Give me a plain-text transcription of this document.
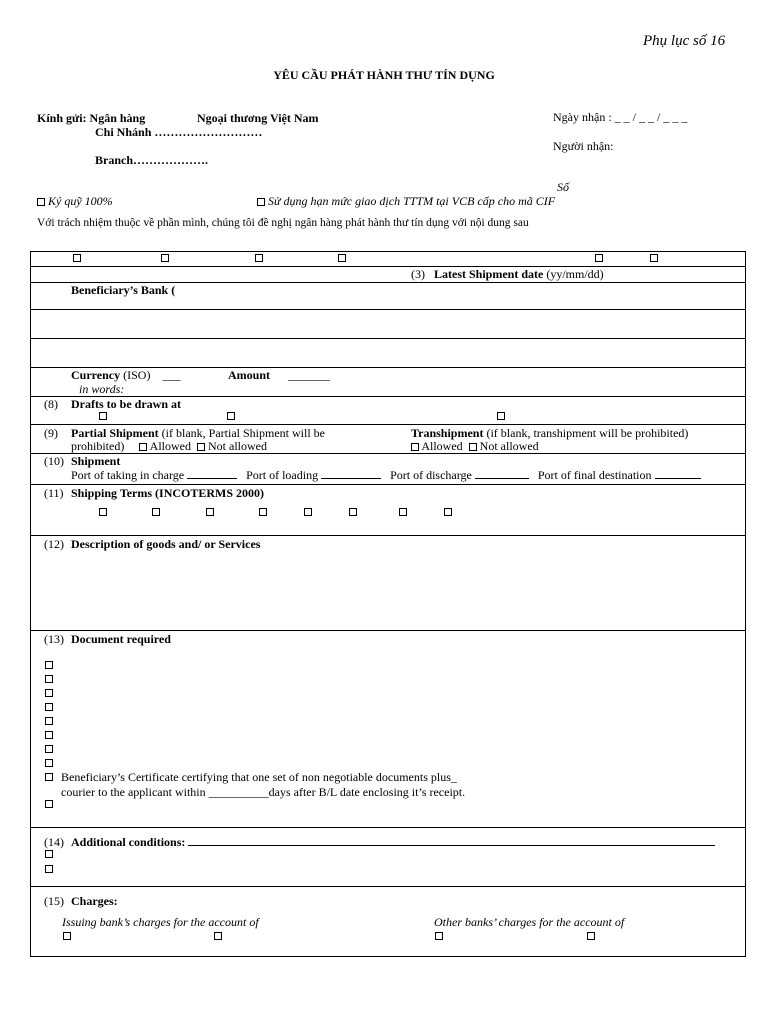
Phụ lục số 16
YÊU CẦU PHÁT HÀNH THƯ TÍN DỤNG
Kính gửi: Ngân hàng	Ngoại thương Việt Nam
Chi Nhánh ………………………
Branch……………….
Ngày nhận : _ _ / _ _ / _ _ _
Người nhận:
Số
Ký quỹ 100%	Sử dụng hạn mức giao dịch TTTM tại VCB cấp cho mã CIF
Với trách nhiệm thuộc về phần mình, chúng tôi đề nghị ngân hàng phát hành thư tín dụng với nội dung sau
(3) Latest Shipment date (yy/mm/dd)
Beneficiary’s Bank (
Currency (ISO) ___	Amount _______
in words:
(8) Drafts to be drawn at
(9) Partial Shipment (if blank, Partial Shipment will be
prohibited) Allowed Not allowed
Transhipment (if blank, transhipment will be prohibited)
Allowed Not allowed
(10) Shipment
Port of taking in charge	Port of loading	Port of discharge	Port of final destination
(11) Shipping Terms (INCOTERMS 2000)
(12) Description of goods and/ or Services
(13) Document required
Beneficiary’s Certificate certifying that one set of non negotiable documents plus_
courier to the applicant within __________days after B/L date enclosing it’s receipt.
(14) Additional conditions:
(15) Charges:
Issuing bank’s charges for the account of	Other banks’ charges for the account of
